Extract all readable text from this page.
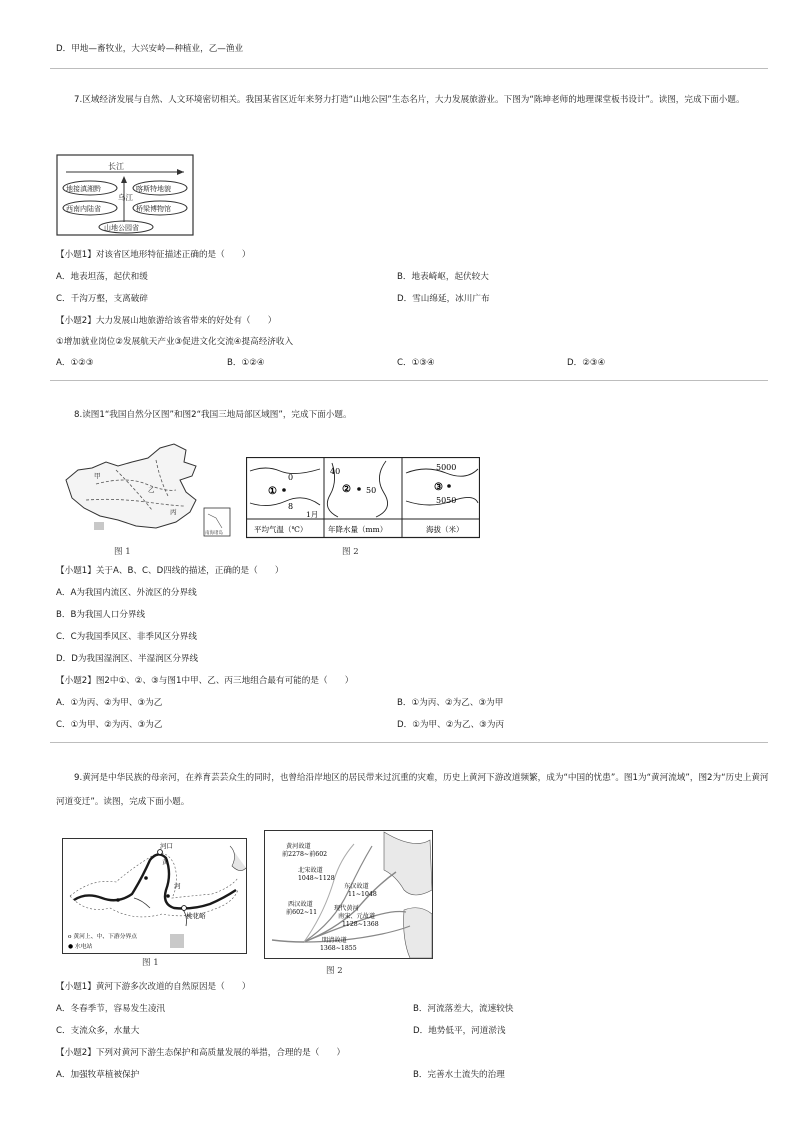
D．甲地—畜牧业，大兴安岭—种植业，乙—渔业
7.区域经济发展与自然、人文环境密切相关。我国某省区近年来努力打造“山地公园”生态名片，大力发展旅游业。下图为“陈坤老师的地理课堂板书设计”。读图，完成下面小题。
长江
乌江
地接滇湘黔
西南内陆省
喀斯特地貌
桥梁博物馆
山地公园省
【小题1】对该省区地形特征描述正确的是（　　）
A．地表坦荡，起伏和缓	B．地表崎岖，起伏较大
C．千沟万壑，支离破碎	D．雪山绵延，冰川广布
【小题2】大力发展山地旅游给该省带来的好处有（　　）
①增加就业岗位②发展航天产业③促进文化交流④提高经济收入
A．①②③	B．①②④	C．①③④	D．②③④
8.读图1“我国自然分区图”和图2“我国三地局部区域图”，完成下面小题。
甲
乙
丙
南海诸岛
图 1
0
8
①
1月
平均气温（℃）
40
② 50
年降水量（mm）
5000
5050
③
海拔（米）
图 2
【小题1】关于A、B、C、D四线的描述，正确的是（　　）
A．A为我国内流区、外流区的分界线
B．B为我国人口分界线
C．C为我国季风区、非季风区分界线
D．D为我国湿润区、半湿润区分界线
【小题2】图2中①、②、③与图1中甲、乙、丙三地组合最有可能的是（　　）
A．①为丙、②为甲、③为乙	B．①为丙、②为乙、③为甲
C．①为甲、②为丙、③为乙	D．①为甲、②为乙、③为丙
9.黄河是中华民族的母亲河，在养育芸芸众生的同时，也曾给沿岸地区的居民带来过沉重的灾难，历史上黄河下游改道频繁，成为“中国的忧患”。图1为“黄河流域”，图2为“历史上黄河河道变迁”。读图，完成下面小题。
河口
黄
河
桃花峪
o 黄河上、中、下游分界点
● 水电站
图 1
黄河故道
前2278~前602
北宋故道
1048~1128
东汉故道
11~1048
西汉故道
前602~11
现代黄河
南宋、元故道
1128~1368
明清故道
1368~1855
图 2
【小题1】黄河下游多次改道的自然原因是（　　）
A．冬春季节，容易发生凌汛	B．河流落差大，流速较快
C．支流众多，水量大	D．地势低平，河道淤浅
【小题2】下列对黄河下游生态保护和高质量发展的举措，合理的是（　　）
A．加强牧草植被保护	B．完善水土流失的治理
